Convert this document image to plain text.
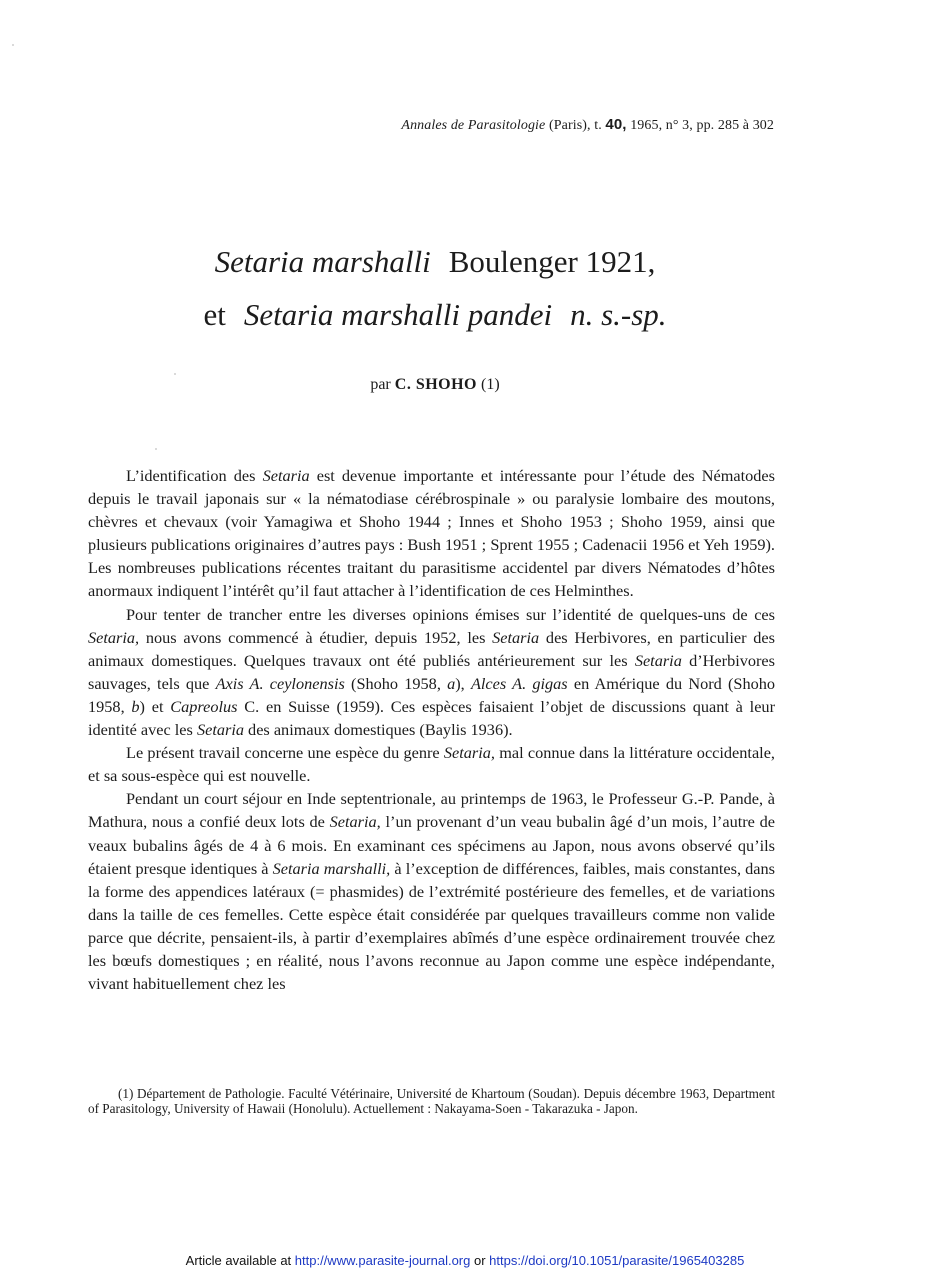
Annales de Parasitologie (Paris), t. 40, 1965, n° 3, pp. 285 à 302
Setaria marshalli Boulenger 1921,
et Setaria marshalli pandei n. s.-sp.
par C. SHOHO (1)

L’identification des Setaria est devenue importante et intéressante pour l’étude des Nématodes depuis le travail japonais sur « la nématodiase cérébrospinale » ou paralysie lombaire des moutons, chèvres et chevaux (voir Yamagiwa et Shoho 1944 ; Innes et Shoho 1953 ; Shoho 1959, ainsi que plusieurs publications originaires d’autres pays : Bush 1951 ; Sprent 1955 ; Cadenacii 1956 et Yeh 1959). Les nombreuses publications récentes traitant du parasitisme accidentel par divers Nématodes d’hôtes anormaux indiquent l’intérêt qu’il faut attacher à l’identification de ces Helminthes.

Pour tenter de trancher entre les diverses opinions émises sur l’identité de quelques-uns de ces Setaria, nous avons commencé à étudier, depuis 1952, les Setaria des Herbivores, en particulier des animaux domestiques. Quelques travaux ont été publiés antérieurement sur les Setaria d’Herbivores sauvages, tels que Axis A. ceylonensis (Shoho 1958, a), Alces A. gigas en Amérique du Nord (Shoho 1958, b) et Capreolus C. en Suisse (1959). Ces espèces faisaient l’objet de discussions quant à leur identité avec les Setaria des animaux domestiques (Baylis 1936).

Le présent travail concerne une espèce du genre Setaria, mal connue dans la littérature occidentale, et sa sous-espèce qui est nouvelle.

Pendant un court séjour en Inde septentrionale, au printemps de 1963, le Professeur G.-P. Pande, à Mathura, nous a confié deux lots de Setaria, l’un provenant d’un veau bubalin âgé d’un mois, l’autre de veaux bubalins âgés de 4 à 6 mois. En examinant ces spécimens au Japon, nous avons observé qu’ils étaient presque identiques à Setaria marshalli, à l’exception de différences, faibles, mais constantes, dans la forme des appendices latéraux (= phasmides) de l’extrémité postérieure des femelles, et de variations dans la taille de ces femelles. Cette espèce était considérée par quelques travailleurs comme non valide parce que décrite, pensaient-ils, à partir d’exemplaires abîmés d’une espèce ordinairement trouvée chez les bœufs domestiques ; en réalité, nous l’avons reconnue au Japon comme une espèce indépendante, vivant habituellement chez les

(1) Département de Pathologie. Faculté Vétérinaire, Université de Khartoum (Soudan). Depuis décembre 1963, Department of Parasitology, University of Hawaii (Honolulu). Actuellement : Nakayama-Soen - Takarazuka - Japon.

Article available at http://www.parasite-journal.org or https://doi.org/10.1051/parasite/1965403285
